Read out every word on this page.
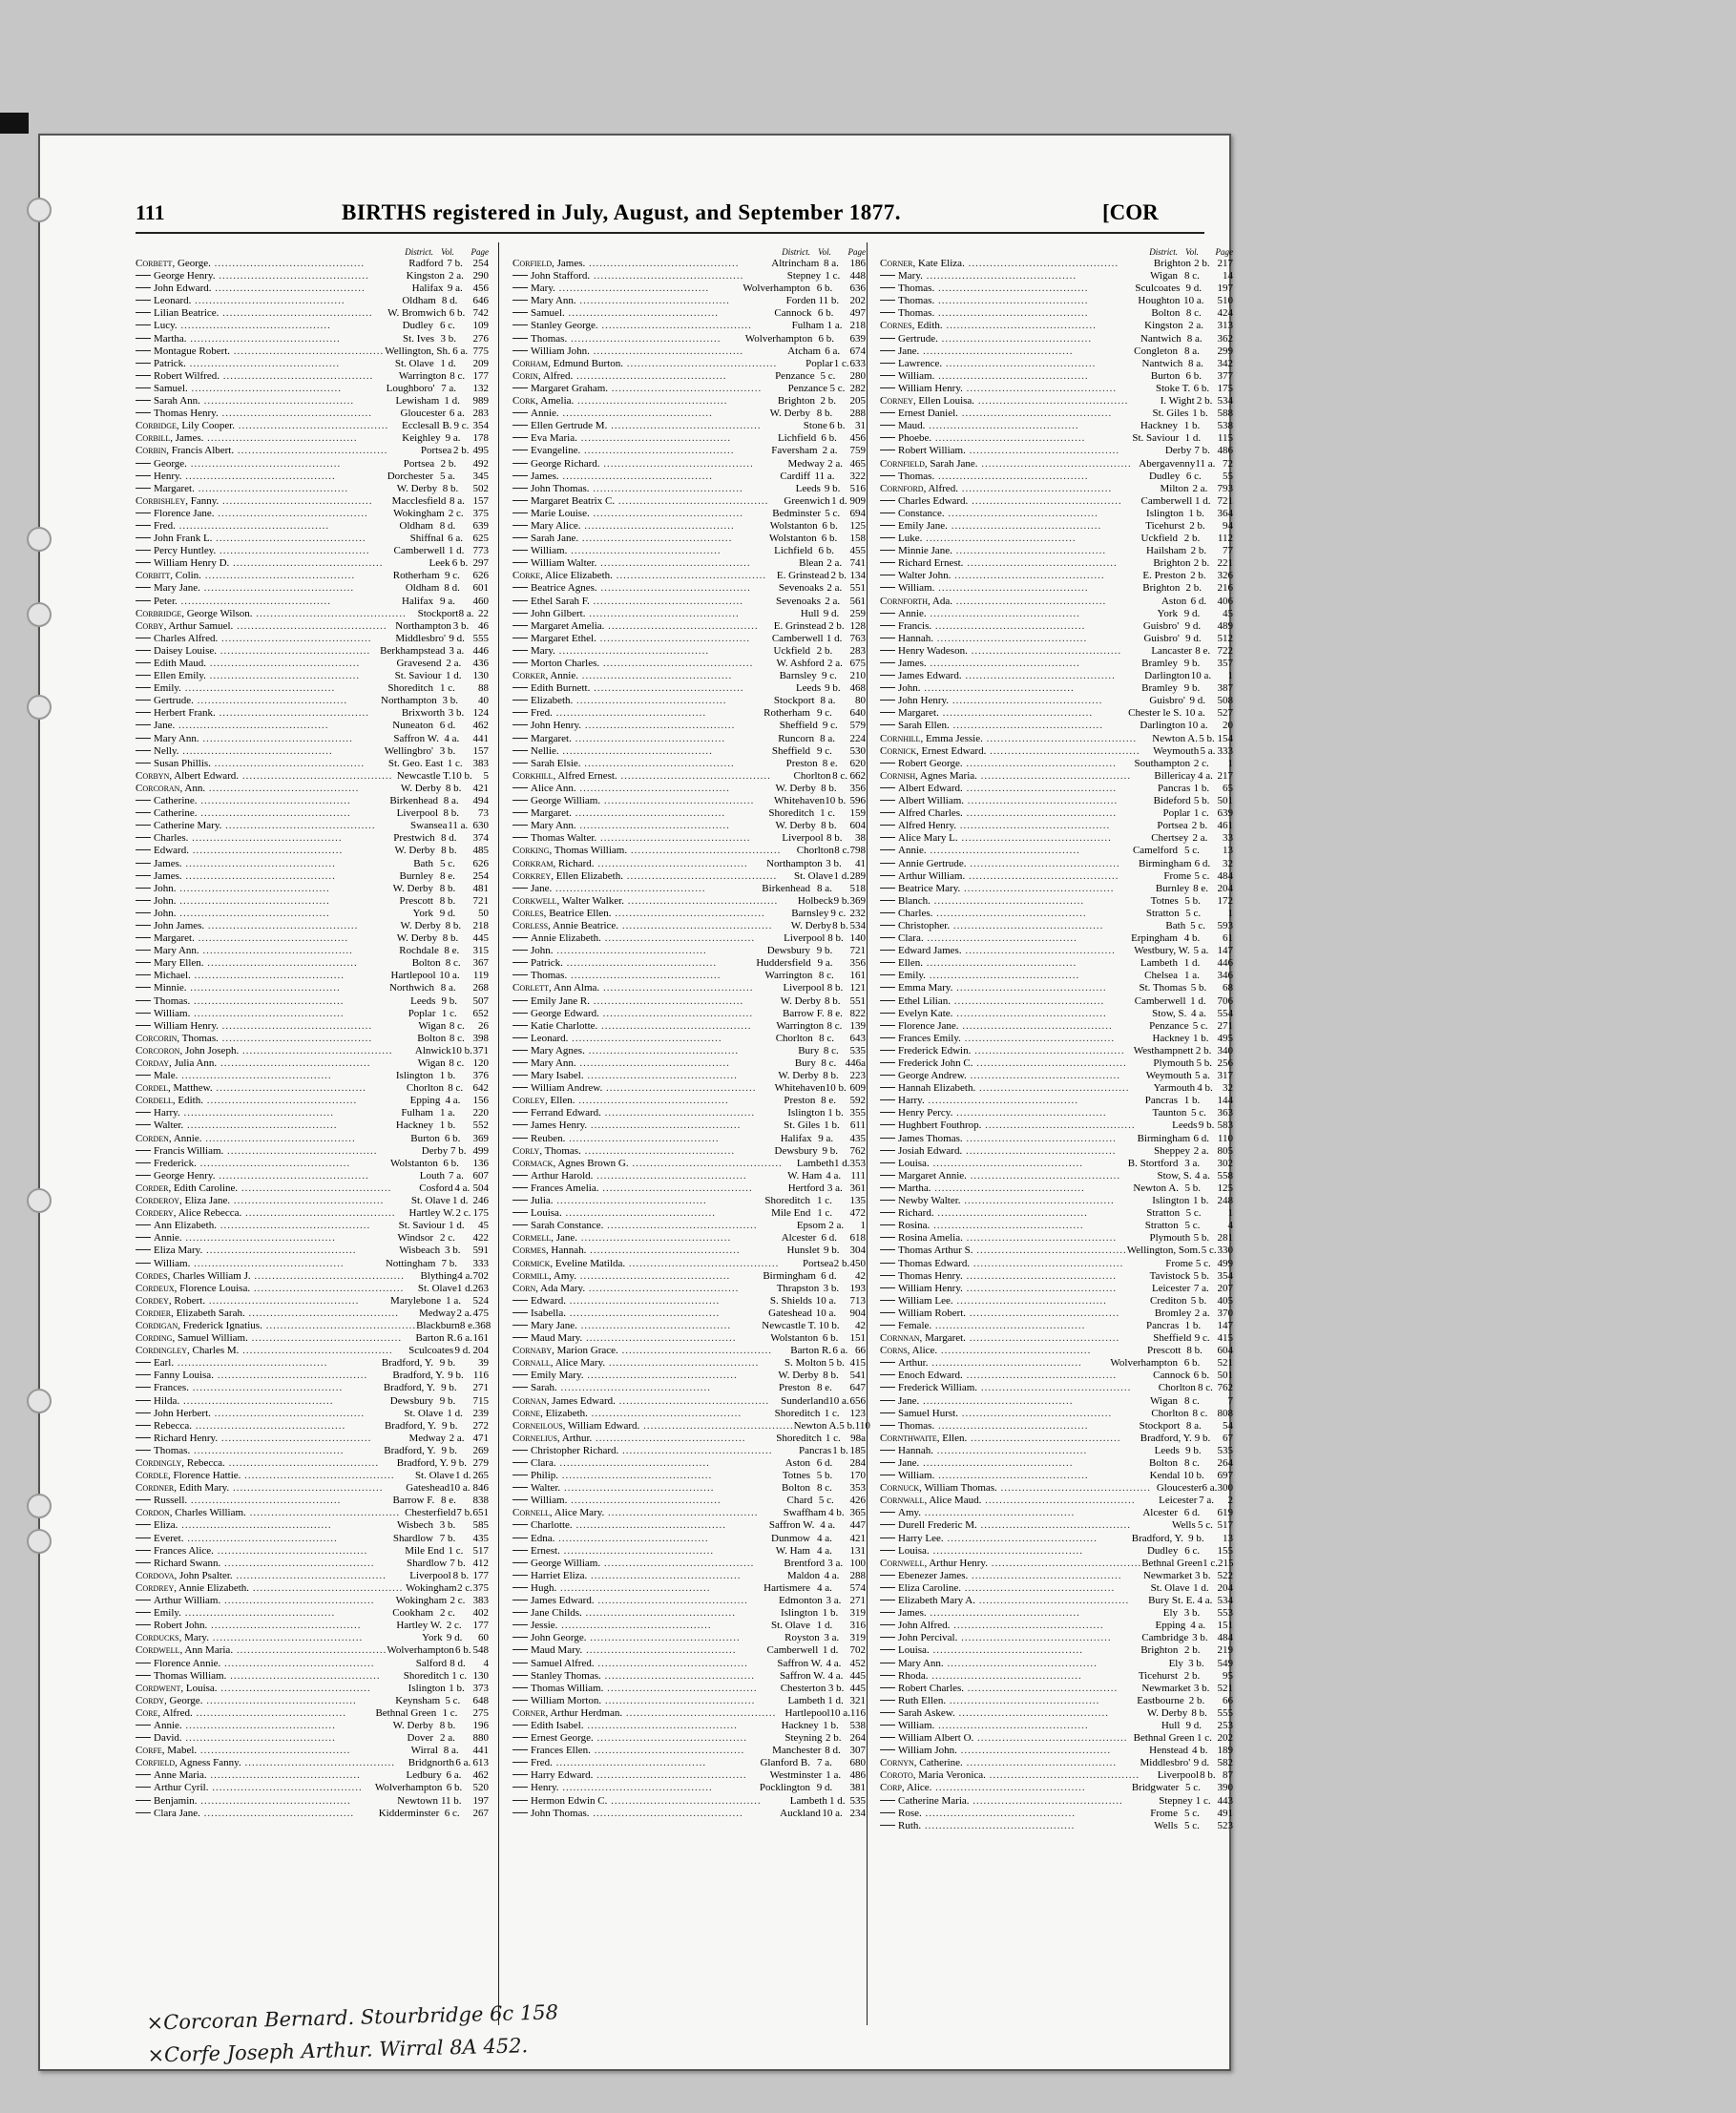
111	BIRTHS registered in July, August, and September 1877.	[COR
District. Vol.	Page
Corbett, George. ..........................................	Radford 7 b. 254
George Henry. ..........................................	Kingston 2 a. 290
John Edward. ..........................................	Halifax 9 a. 456
Leonard. ..........................................	Oldham 8 d.	646
Lilian Beatrice. ..........................................	W. Bromwich 6 b. 742
Lucy. ..........................................	Dudley 6 c.	109
Martha. ..........................................	St. Ives 3 b.	276
Montague Robert. .......................................... Wellington, Sh. 6 a. 775
Patrick. ..........................................	St. Olave 1 d.	209
Robert Wilfred. ..........................................	Warrington 8 c. 177
Samuel. ..........................................	Loughboro' 7 a.	132
Sarah Ann. ..........................................	Lewisham 1 d.	989
Thomas Henry. ..........................................	Gloucester 6 a. 283
Corbidge, Lily Cooper. ..........................................	Ecclesall B. 9 c. 354
Corbill, James. ..........................................	Keighley 9 a.	178
Corbin, Francis Albert. ..........................................	Portsea 2 b. 495
George. ..........................................	Portsea 2 b.	492
Henry. ..........................................	Dorchester 5 a.	345
Margaret. ..........................................	W. Derby 8 b.	502
Corbishley, Fanny. ..........................................	Macclesfield 8 a. 157
Florence Jane. ..........................................	Wokingham 2 c. 375
Fred. ..........................................	Oldham 8 d.	639
John Frank L. ..........................................	Shiffnal 6 a. 625
Percy Huntley. ..........................................	Camberwell 1 d. 773
William Henry D. ..........................................	Leek 6 b. 297
Corbitt, Colin. ..........................................	Rotherham 9 c.	626
Mary Jane. ..........................................	Oldham 8 d.	601
Peter. ..........................................	Halifax 9 a.	460
Corbridge, George Wilson. ..........................................	Stockport 8 a. 22
Corby, Arthur Samuel. .......................................... Northampton 3 b. 46
Charles Alfred. ..........................................	Middlesbro' 9 d. 555
Daisey Louise. .......................................... Berkhampstead 3 a. 446
Edith Maud. ..........................................	Gravesend 2 a.	436
Ellen Emily. ..........................................	St. Saviour 1 d.	130
Emily. ..........................................	Shoreditch 1 c.	88
Gertrude. ..........................................	Northampton 3 b.	40
Herbert Frank. ..........................................	Brixworth 3 b. 124
Jane. ..........................................	Nuneaton 6 d.	462
Mary Ann. ..........................................	Saffron W. 4 a.	441
Nelly. ..........................................	Wellingbro' 3 b.	157
Susan Phillis. ..........................................	St. Geo. East 1 c. 383
Corbyn, Albert Edward. .......................................... Newcastle T. 10 b.	5
Corcoran, Ann. ..........................................	W. Derby 8 b.	421
Catherine. ..........................................	Birkenhead 8 a.	494
Catherine. ..........................................	Liverpool 8 b.	73
Catherine Mary. ..........................................	Swansea 11 a. 630
Charles. ..........................................	Prestwich 8 d.	374
Edward. ..........................................	W. Derby 8 b.	485
James. ..........................................	Bath 5 c.	626
James. ..........................................	Burnley 8 e.	254
John. ..........................................	W. Derby 8 b.	481
John. ..........................................	Prescott 8 b.	721
John. ..........................................	York 9 d.	50
John James. ..........................................	W. Derby 8 b.	218
Margaret. ..........................................	W. Derby 8 b.	445
Mary Ann. ..........................................	Rochdale 8 e.	315
Mary Ellen. ..........................................	Bolton 8 c.	367
Michael. ..........................................	Hartlepool 10 a.	119
Minnie. ..........................................	Northwich 8 a.	268
Thomas. ..........................................	Leeds 9 b.	507
William. ..........................................	Poplar 1 c.	652
William Henry. ..........................................	Wigan 8 c.	26
Corcorin, Thomas. ..........................................	Bolton 8 c. 398
Corcoron, John Joseph. ..........................................	Alnwick 10 b. 371
Corday, Julia Ann. ..........................................	Wigan 8 c. 120
Male. ..........................................	Islington 1 b.	376
Cordel, Matthew. ..........................................	Chorlton 8 c. 642
Cordell, Edith. ..........................................	Epping 4 a.	156
Harry. ..........................................	Fulham 1 a.	220
Walter. ..........................................	Hackney 1 b.	552
Corden, Annie. ..........................................	Burton 6 b.	369
Francis William. ..........................................	Derby 7 b. 499
Frederick. ..........................................	Wolstanton 6 b.	136
George Henry. ..........................................	Louth 7 a. 607
Corder, Edith Caroline. ..........................................	Cosford 4 a. 504
Corderoy, Eliza Jane. ..........................................	St. Olave 1 d. 246
Cordery, Alice Rebecca. ..........................................	Hartley W. 2 c. 175
Ann Elizabeth. ..........................................	St. Saviour 1 d.	45
Annie. ..........................................	Windsor 2 c.	422
Eliza Mary. ..........................................	Wisbeach 3 b.	591
William. ..........................................	Nottingham 7 b.	333
Cordes, Charles William J. ..........................................	Blything 4 a. 702
Cordeux, Florence Louisa. ..........................................	St. Olave 1 d. 263
Cordey, Robert. ..........................................	Marylebone 1 a.	524
Cordier, Elizabeth Sarah. ..........................................	Medway 2 a. 475
Cordigan, Frederick Ignatius. .......................................... Blackburn 8 e. 368
Cording, Samuel William. ..........................................	Barton R. 6 a. 161
Cordingley, Charles M. ..........................................	Sculcoates 9 d. 204
Earl. ..........................................	Bradford, Y. 9 b.	39
Fanny Louisa. ..........................................	Bradford, Y. 9 b. 116
Frances. ..........................................	Bradford, Y. 9 b.	271
Hilda. ..........................................	Dewsbury 9 b.	715
John Herbert. ..........................................	St. Olave 1 d. 239
Rebecca. ..........................................	Bradford, Y. 9 b.	272
Richard Henry. ..........................................	Medway 2 a. 471
Thomas. ..........................................	Bradford, Y. 9 b.	269
Cordingly, Rebecca. ..........................................	Bradford, Y. 9 b. 279
Cordle, Florence Hattie. ..........................................	St. Olave 1 d. 265
Cordner, Edith Mary. ..........................................	Gateshead 10 a. 846
Russell. ..........................................	Barrow F. 8 e.	838
Cordon, Charles William. .......................................... Chesterfield 7 b. 651
Eliza. ..........................................	Wisbech 3 b.	585
Everet. ..........................................	Shardlow 7 b.	435
Frances Alice. ..........................................	Mile End 1 c. 517
Richard Swann. ..........................................	Shardlow 7 b. 412
Cordova, John Psalter. ..........................................	Liverpool 8 b. 177
Cordrey, Annie Elizabeth. .......................................... Wokingham 2 c. 375
Arthur William. ..........................................	Wokingham 2 c. 383
Emily. ..........................................	Cookham 2 c.	402
Robert John. ..........................................	Hartley W. 2 c.	177
Corducks, Mary. ..........................................	York 9 d.	60
Cordwell, Ann Maria. .......................................... Wolverhampton 6 b. 548
Florence Annie. ..........................................	Salford 8 d.	4
Thomas William. ..........................................	Shoreditch 1 c. 130
Cordwent, Louisa. ..........................................	Islington 1 b. 373
Cordy, George. ..........................................	Keynsham 5 c.	648
Core, Alfred. ..........................................	Bethnal Green 1 c.	275
Annie. ..........................................	W. Derby 8 b.	196
David. ..........................................	Dover 2 a.	880
Corfe, Mabel. ..........................................	Wirral 8 a.	441
Corfield, Agness Fanny. ..........................................	Bridgnorth 6 a. 613
Anne Maria. ..........................................	Ledbury 6 a.	462
Arthur Cyril. ..........................................	Wolverhampton 6 b.	520
Benjamin. ..........................................	Newtown 11 b.	197
Clara Jane. ..........................................	Kidderminster 6 c.	267
District. Vol.	Page
Corfield, James. ..........................................	Altrincham 8 a.	186
John Stafford. ..........................................	Stepney 1 c. 448
Mary. ..........................................	Wolverhampton 6 b.	636
Mary Ann. ..........................................	Forden 11 b.	202
Samuel. ..........................................	Cannock 6 b.	497
Stanley George. ..........................................	Fulham 1 a. 218
Thomas. ..........................................	Wolverhampton 6 b.	639
William John. ..........................................	Atcham 6 a. 674
Corham, Edmund Burton. ..........................................	Poplar 1 c. 633
Corin, Alfred. ..........................................	Penzance 5 c.	280
Margaret Graham. ..........................................	Penzance 5 c. 282
Cork, Amelia. ..........................................	Brighton 2 b.	205
Annie. ..........................................	W. Derby 8 b.	288
Ellen Gertrude M. ..........................................	Stone 6 b. 31
Eva Maria. ..........................................	Lichfield 6 b.	456
Evangeline. ..........................................	Faversham 2 a.	759
George Richard. ..........................................	Medway 2 a. 465
James. ..........................................	Cardiff 11 a.	322
John Thomas. ..........................................	Leeds 9 b. 516
Margaret Beatrix C. ..........................................	Greenwich 1 d. 909
Marie Louise. ..........................................	Bedminster 5 c. 694
Mary Alice. ..........................................	Wolstanton 6 b.	125
Sarah Jane. ..........................................	Wolstanton 6 b.	158
William. ..........................................	Lichfield 6 b.	455
William Walter. ..........................................	Blean 2 a. 741
Corke, Alice Elizabeth. .......................................... E. Grinstead 2 b. 134
Beatrice Agnes. ..........................................	Sevenoaks 2 a. 551
Ethel Sarah F. ..........................................	Sevenoaks 2 a. 561
John Gilbert. ..........................................	Hull 9 d.	259
Margaret Amelia. ..........................................	E. Grinstead 2 b. 128
Margaret Ethel. ..........................................	Camberwell 1 d. 763
Mary. ..........................................	Uckfield 2 b.	283
Morton Charles. ..........................................	W. Ashford 2 a. 675
Corker, Annie. ..........................................	Barnsley 9 c.	210
Edith Burnett. ..........................................	Leeds 9 b. 468
Elizabeth. ..........................................	Stockport 8 a.	80
Fred. ..........................................	Rotherham 9 c.	640
John Henry. ..........................................	Sheffield 9 c.	579
Margaret. ..........................................	Runcorn 8 a.	224
Nellie. ..........................................	Sheffield 9 c.	530
Sarah Elsie. ..........................................	Preston 8 e.	620
Corkhill, Alfred Ernest. ..........................................	Chorlton 8 c. 662
Alice Ann. ..........................................	W. Derby 8 b.	356
George William. ..........................................	Whitehaven 10 b. 596
Margaret. ..........................................	Shoreditch 1 c.	159
Mary Ann. ..........................................	W. Derby 8 b.	604
Thomas Walter. ..........................................	Liverpool 8 b.	38
Corking, Thomas William. ..........................................	Chorlton 8 c. 798
Corkram, Richard. ..........................................	Northampton 3 b.	41
Corkrey, Ellen Elizabeth. ..........................................	St. Olave 1 d. 289
Jane. ..........................................	Birkenhead 8 a.	518
Corkwell, Walter Walker. ..........................................	Holbeck 9 b. 369
Corles, Beatrice Ellen. ..........................................	Barnsley 9 c. 232
Corless, Annie Beatrice. ..........................................	W. Derby 8 b. 534
Annie Elizabeth. ..........................................	Liverpool 8 b. 140
John. ..........................................	Dewsbury 9 b.	721
Patrick. ..........................................	Huddersfield 9 a.	356
Thomas. ..........................................	Warrington 8 c.	161
Corlett, Ann Alma. ..........................................	Liverpool 8 b. 121
Emily Jane R. ..........................................	W. Derby 8 b. 551
George Edward. ..........................................	Barrow F. 8 e. 822
Katie Charlotte. ..........................................	Warrington 8 c. 139
Leonard. ..........................................	Chorlton 8 c.	643
Mary Agnes. ..........................................	Bury 8 c.	535
Mary Ann. ..........................................	Bury 8 c. 446a
Mary Isabel. ..........................................	W. Derby 8 b.	223
William Andrew. ..........................................	Whitehaven 10 b. 609
Corley, Ellen. ..........................................	Preston 8 e.	592
Ferrand Edward. ..........................................	Islington 1 b. 355
James Henry. ..........................................	St. Giles 1 b.	611
Reuben. ..........................................	Halifax 9 a.	435
Corly, Thomas. ..........................................	Dewsbury 9 b.	762
Cormack, Agnes Brown G. ..........................................	Lambeth 1 d. 353
Arthur Harold. ..........................................	W. Ham 4 a. 111
Frances Amelia. ..........................................	Hertford 3 a. 361
Julia. ..........................................	Shoreditch 1 c.	135
Louisa. ..........................................	Mile End 1 c.	472
Sarah Constance. ..........................................	Epsom 2 a.	1
Cormell, Jane. ..........................................	Alcester 6 d.	618
Cormes, Hannah. ..........................................	Hunslet 9 b.	304
Cormick, Eveline Matilda. ..........................................	Portsea 2 b. 450
Cormill, Amy. ..........................................	Birmingham 6 d.	42
Corn, Ada Mary. ..........................................	Thrapston 3 b.	193
Edward. ..........................................	S. Shields 10 a.	713
Isabella. ..........................................	Gateshead 10 a.	904
Mary Jane. ..........................................	Newcastle T. 10 b.	42
Maud Mary. ..........................................	Wolstanton 6 b.	151
Cornaby, Marion Grace. ..........................................	Barton R. 6 a. 66
Cornall, Alice Mary. ..........................................	S. Molton 5 b. 415
Emily Mary. ..........................................	W. Derby 8 b.	541
Sarah. ..........................................	Preston 8 e.	647
Cornan, James Edward. ..........................................	Sunderland 10 a. 656
Corne, Elizabeth. ..........................................	Shoreditch 1 c. 123
Corneilous, William Edward. .......................................... Newton A. 5 b. 110
Cornelius, Arthur. ..........................................	Shoreditch 1 c. 98a
Christopher Richard. ..........................................	Pancras 1 b. 185
Clara. ..........................................	Aston 6 d.	284
Philip. ..........................................	Totnes 5 b.	170
Walter. ..........................................	Bolton 8 c.	353
William. ..........................................	Chard 5 c.	426
Cornell, Alice Mary. ..........................................	Swaffham 4 b. 365
Charlotte. ..........................................	Saffron W. 4 a.	447
Edna. ..........................................	Dunmow 4 a.	421
Ernest. ..........................................	W. Ham 4 a.	131
George William. ..........................................	Brentford 3 a. 100
Harriet Eliza. ..........................................	Maldon 4 a.	288
Hugh. ..........................................	Hartismere 4 a.	574
James Edward. ..........................................	Edmonton 3 a. 271
Jane Childs. ..........................................	Islington 1 b.	319
Jessie. ..........................................	St. Olave 1 d.	316
John George. ..........................................	Royston 3 a.	319
Maud Mary. ..........................................	Camberwell 1 d.	702
Samuel Alfred. ..........................................	Saffron W. 4 a. 452
Stanley Thomas. ..........................................	Saffron W. 4 a. 445
Thomas William. ..........................................	Chesterton 3 b. 445
William Morton. ..........................................	Lambeth 1 d. 321
Corner, Arthur Herdman. .......................................... Hartlepool 10 a. 116
Edith Isabel. ..........................................	Hackney 1 b.	538
Ernest George. ..........................................	Steyning 2 b. 264
Frances Ellen. ..........................................	Manchester 8 d. 307
Fred. ..........................................	Glanford B. 7 a.	680
Harry Edward. ..........................................	Westminster 1 a. 486
Henry. ..........................................	Pocklington 9 d.	381
Hermon Edwin C. ..........................................	Lambeth 1 d. 535
John Thomas. ..........................................	Auckland 10 a. 234
District. Vol.	Page
Corner, Kate Eliza. ..........................................	Brighton 2 b. 217
Mary. ..........................................	Wigan 8 c.	14
Thomas. ..........................................	Sculcoates 9 d.	197
Thomas. ..........................................	Houghton 10 a.	510
Thomas. ..........................................	Bolton 8 c.	424
Cornes, Edith. ..........................................	Kingston 2 a.	313
Gertrude. ..........................................	Nantwich 8 a.	362
Jane. ..........................................	Congleton 8 a.	299
Lawrence. ..........................................	Nantwich 8 a.	342
William. ..........................................	Burton 6 b.	377
William Henry. ..........................................	Stoke T. 6 b. 175
Corney, Ellen Louisa. ..........................................	I. Wight 2 b. 534
Ernest Daniel. ..........................................	St. Giles 1 b. 588
Maud. ..........................................	Hackney 1 b.	538
Phoebe. ..........................................	St. Saviour 1 d.	115
Robert William. ..........................................	Derby 7 b. 486
Cornfield, Sarah Jane. .......................................... Abergavenny 11 a. 72
Thomas. ..........................................	Dudley 6 c.	55
Cornford, Alfred. ..........................................	Milton 2 a. 793
Charles Edward. ..........................................	Camberwell 1 d. 721
Constance. ..........................................	Islington 1 b.	364
Emily Jane. ..........................................	Ticehurst 2 b.	94
Luke. ..........................................	Uckfield 2 b.	112
Minnie Jane. ..........................................	Hailsham 2 b.	77
Richard Ernest. ..........................................	Brighton 2 b. 221
Walter John. ..........................................	E. Preston 2 b.	326
William. ..........................................	Brighton 2 b.	216
Cornforth, Ada. ..........................................	Aston 6 d.	406
Annie. ..........................................	York 9 d.	45
Francis. ..........................................	Guisbro' 9 d.	489
Hannah. ..........................................	Guisbro' 9 d.	512
Henry Wadeson. ..........................................	Lancaster 8 e. 722
James. ..........................................	Bramley 9 b.	357
James Edward. ..........................................	Darlington 10 a.	1
John. ..........................................	Bramley 9 b.	387
John Henry. ..........................................	Guisbro' 9 d.	508
Margaret. ..........................................	Chester le S. 10 a.	527
Sarah Ellen. ..........................................	Darlington 10 a.	20
Cornhill, Emma Jessie. ..........................................	Newton A. 5 b. 154
Cornick, Ernest Edward. ..........................................	Weymouth 5 a. 333
Robert George. ..........................................	Southampton 2 c.	1
Cornish, Agnes Maria. ..........................................	Billericay 4 a. 217
Albert Edward. ..........................................	Pancras 1 b.	65
Albert William. ..........................................	Bideford 5 b. 501
Alfred Charles. ..........................................	Poplar 1 c. 639
Alfred Henry. ..........................................	Portsea 2 b. 461
Alice Mary L. ..........................................	Chertsey 2 a.	33
Annie. ..........................................	Camelford 5 c.	13
Annie Gertrude. ..........................................	Birmingham 6 d.	32
Arthur William. ..........................................	Frome 5 c. 484
Beatrice Mary. ..........................................	Burnley 8 e. 204
Blanch. ..........................................	Totnes 5 b.	172
Charles. ..........................................	Stratton 5 c.	1
Christopher. ..........................................	Bath 5 c.	593
Clara. ..........................................	Erpingham 4 b.	61
Edward James. ..........................................	Westbury, W. 5 a. 147
Ellen. ..........................................	Lambeth 1 d.	446
Emily. ..........................................	Chelsea 1 a.	346
Emma Mary. ..........................................	St. Thomas 5 b.	68
Ethel Lilian. ..........................................	Camberwell 1 d.	706
Evelyn Kate. ..........................................	Stow, S. 4 a.	554
Florence Jane. ..........................................	Penzance 5 c. 271
Frances Emily. ..........................................	Hackney 1 b. 495
Frederick Edwin. .......................................... Westhampnett 2 b. 340
Frederick John C. ..........................................	Plymouth 5 b. 256
George Andrew. ..........................................	Weymouth 5 a. 317
Hannah Elizabeth. ..........................................	Yarmouth 4 b. 32
Harry. ..........................................	Pancras 1 b.	144
Henry Percy. ..........................................	Taunton 5 c.	363
Hughbert Fouthrop. ..........................................	Leeds 9 b. 583
James Thomas. ..........................................	Birmingham 6 d. 110
Josiah Edward. ..........................................	Sheppey 2 a. 805
Louisa. ..........................................	B. Stortford 3 a.	302
Margaret Annie. ..........................................	Stow, S. 4 a. 558
Martha. ..........................................	Newton A. 5 b.	125
Newby Walter. ..........................................	Islington 1 b. 248
Richard. ..........................................	Stratton 5 c.	1
Rosina. ..........................................	Stratton 5 c.	4
Rosina Amelia. ..........................................	Plymouth 5 b. 281
Thomas Arthur S. .......................................... Wellington, Som. 5 c. 330
Thomas Edward. ..........................................	Frome 5 c. 499
Thomas Henry. ..........................................	Tavistock 5 b. 354
William Henry. ..........................................	Leicester 7 a. 207
William Lee. ..........................................	Crediton 5 b.	405
William Robert. ..........................................	Bromley 2 a. 370
Female. ..........................................	Pancras 1 b.	147
Cornnan, Margaret. ..........................................	Sheffield 9 c. 415
Corns, Alice. ..........................................	Prescott 8 b.	604
Arthur. ..........................................	Wolverhampton 6 b.	521
Enoch Edward. ..........................................	Cannock 6 b. 501
Frederick William. ..........................................	Chorlton 8 c. 762
Jane. ..........................................	Wigan 8 c.	7
Samuel Hurst. ..........................................	Chorlton 8 c. 808
Thomas. ..........................................	Stockport 8 a.	54
Cornthwaite, Ellen. ..........................................	Bradford, Y. 9 b.	67
Hannah. ..........................................	Leeds 9 b.	535
Jane. ..........................................	Bolton 8 c.	264
William. ..........................................	Kendal 10 b.	697
Cornuck, William Thomas. .......................................... Gloucester 6 a. 300
Cornwall, Alice Maud. ..........................................	Leicester 7 a.	2
Amy. ..........................................	Alcester 6 d.	619
Durell Frederic M. ..........................................	Wells 5 c. 517
Harry Lee. ..........................................	Bradford, Y. 9 b.	13
Louisa. ..........................................	Dudley 6 c.	155
Cornwell, Arthur Henry. .......................................... Bethnal Green 1 c. 215
Ebenezer James. ..........................................	Newmarket 3 b. 522
Eliza Caroline. ..........................................	St. Olave 1 d. 204
Elizabeth Mary A. ..........................................	Bury St. E. 4 a. 534
James. ..........................................	Ely 3 b.	553
John Alfred. ..........................................	Epping 4 a.	151
John Percival. ..........................................	Cambridge 3 b. 484
Louisa. ..........................................	Brighton 2 b.	219
Mary Ann. ..........................................	Ely 3 b.	549
Rhoda. ..........................................	Ticehurst 2 b.	95
Robert Charles. ..........................................	Newmarket 3 b. 521
Ruth Ellen. ..........................................	Eastbourne 2 b.	66
Sarah Askew. ..........................................	W. Derby 8 b. 555
William. ..........................................	Hull 9 d.	253
William Albert O. .......................................... Bethnal Green 1 c. 202
William John. ..........................................	Henstead 4 b. 189
Cornyn, Catherine. ..........................................	Middlesbro' 9 d. 582
Coroto, Maria Veronica. ..........................................	Liverpool 8 b. 87
Corp, Alice. ..........................................	Bridgwater 5 c.	390
Catherine Maria. ..........................................	Stepney 1 c. 443
Rose. ..........................................	Frome 5 c.	491
Ruth. ..........................................	Wells 5 c.	523
×Corcoran Bernard. Stourbridge 6c 158
×Corfe Joseph Arthur. Wirral 8A 452.
